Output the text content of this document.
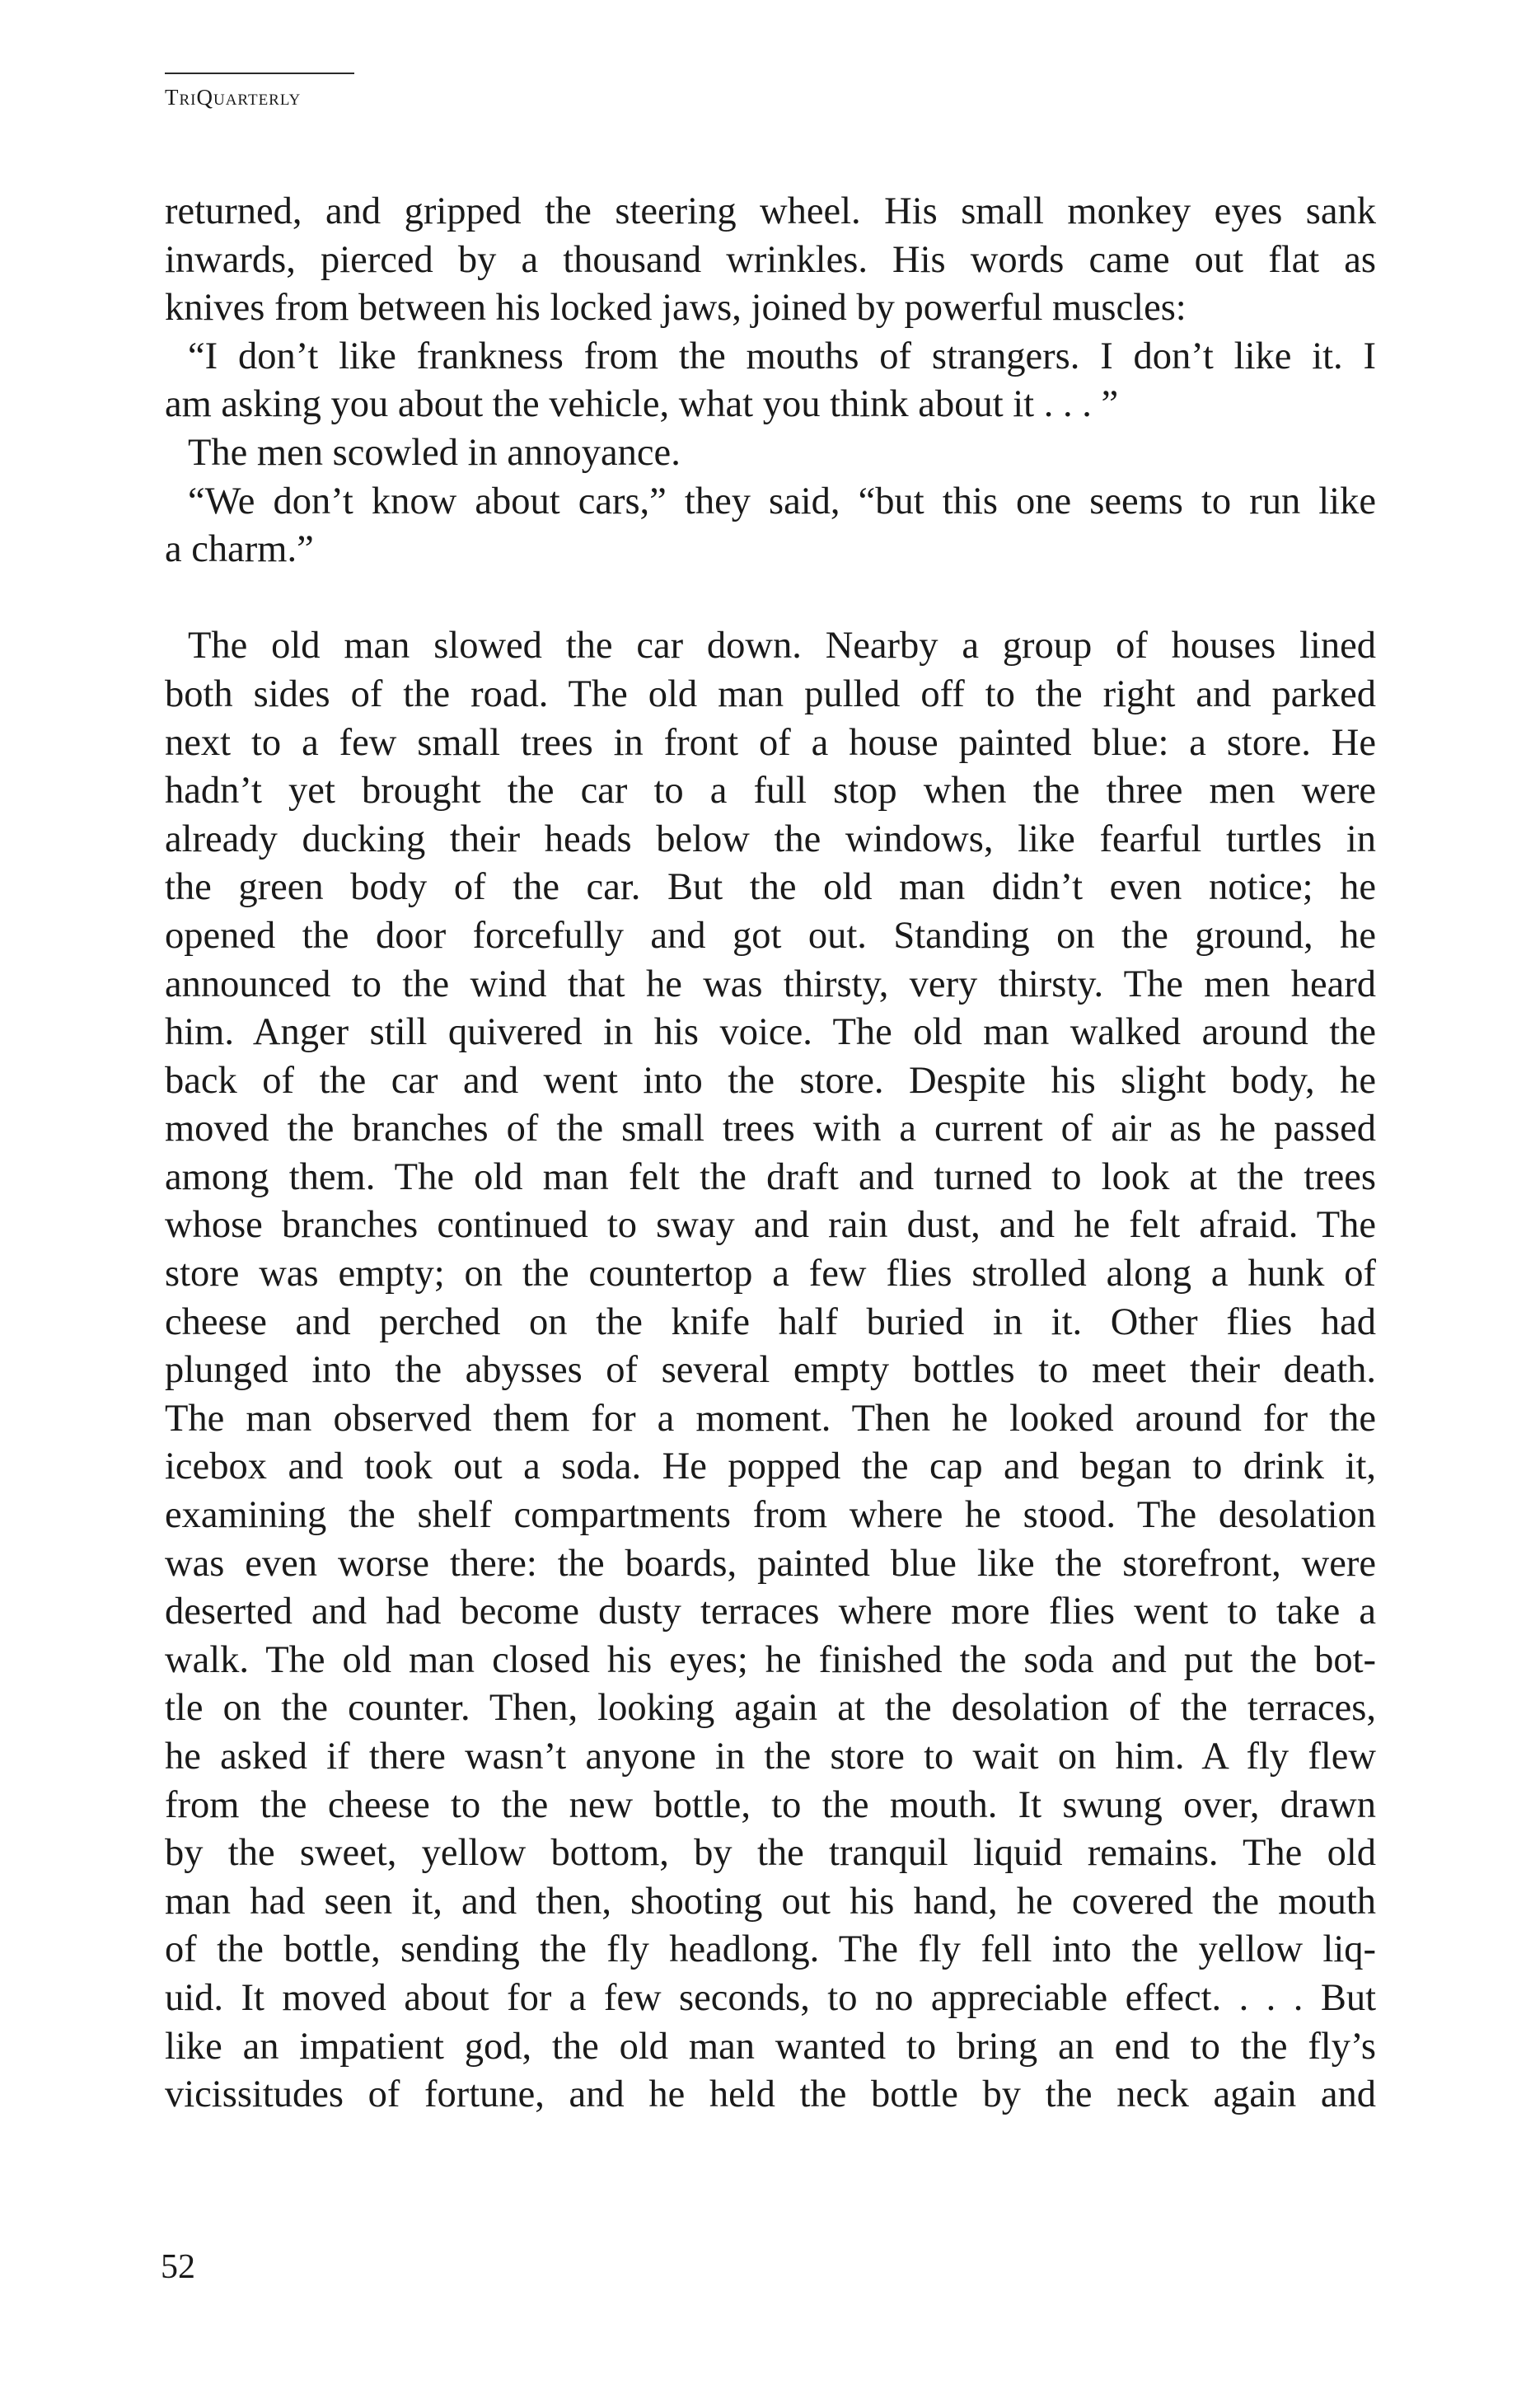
TriQuarterly
returned, and gripped the steering wheel. His small monkey eyes sank
inwards, pierced by a thousand wrinkles. His words came out flat as
knives from between his locked jaws, joined by powerful muscles:
“I don’t like frankness from the mouths of strangers. I don’t like it. I
am asking you about the vehicle, what you think about it . . . ”
The men scowled in annoyance.
“We don’t know about cars,” they said, “but this one seems to run like
a charm.”
The old man slowed the car down. Nearby a group of houses lined
both sides of the road. The old man pulled off to the right and parked
next to a few small trees in front of a house painted blue: a store. He
hadn’t yet brought the car to a full stop when the three men were
already ducking their heads below the windows, like fearful turtles in
the green body of the car. But the old man didn’t even notice; he
opened the door forcefully and got out. Standing on the ground, he
announced to the wind that he was thirsty, very thirsty. The men heard
him. Anger still quivered in his voice. The old man walked around the
back of the car and went into the store. Despite his slight body, he
moved the branches of the small trees with a current of air as he passed
among them. The old man felt the draft and turned to look at the trees
whose branches continued to sway and rain dust, and he felt afraid. The
store was empty; on the countertop a few flies strolled along a hunk of
cheese and perched on the knife half buried in it. Other flies had
plunged into the abysses of several empty bottles to meet their death.
The man observed them for a moment. Then he looked around for the
icebox and took out a soda. He popped the cap and began to drink it,
examining the shelf compartments from where he stood. The desolation
was even worse there: the boards, painted blue like the storefront, were
deserted and had become dusty terraces where more flies went to take a
walk. The old man closed his eyes; he finished the soda and put the bot-
tle on the counter. Then, looking again at the desolation of the terraces,
he asked if there wasn’t anyone in the store to wait on him. A fly flew
from the cheese to the new bottle, to the mouth. It swung over, drawn
by the sweet, yellow bottom, by the tranquil liquid remains. The old
man had seen it, and then, shooting out his hand, he covered the mouth
of the bottle, sending the fly headlong. The fly fell into the yellow liq-
uid. It moved about for a few seconds, to no appreciable effect. . . . But
like an impatient god, the old man wanted to bring an end to the fly’s
vicissitudes of fortune, and he held the bottle by the neck again and
52
